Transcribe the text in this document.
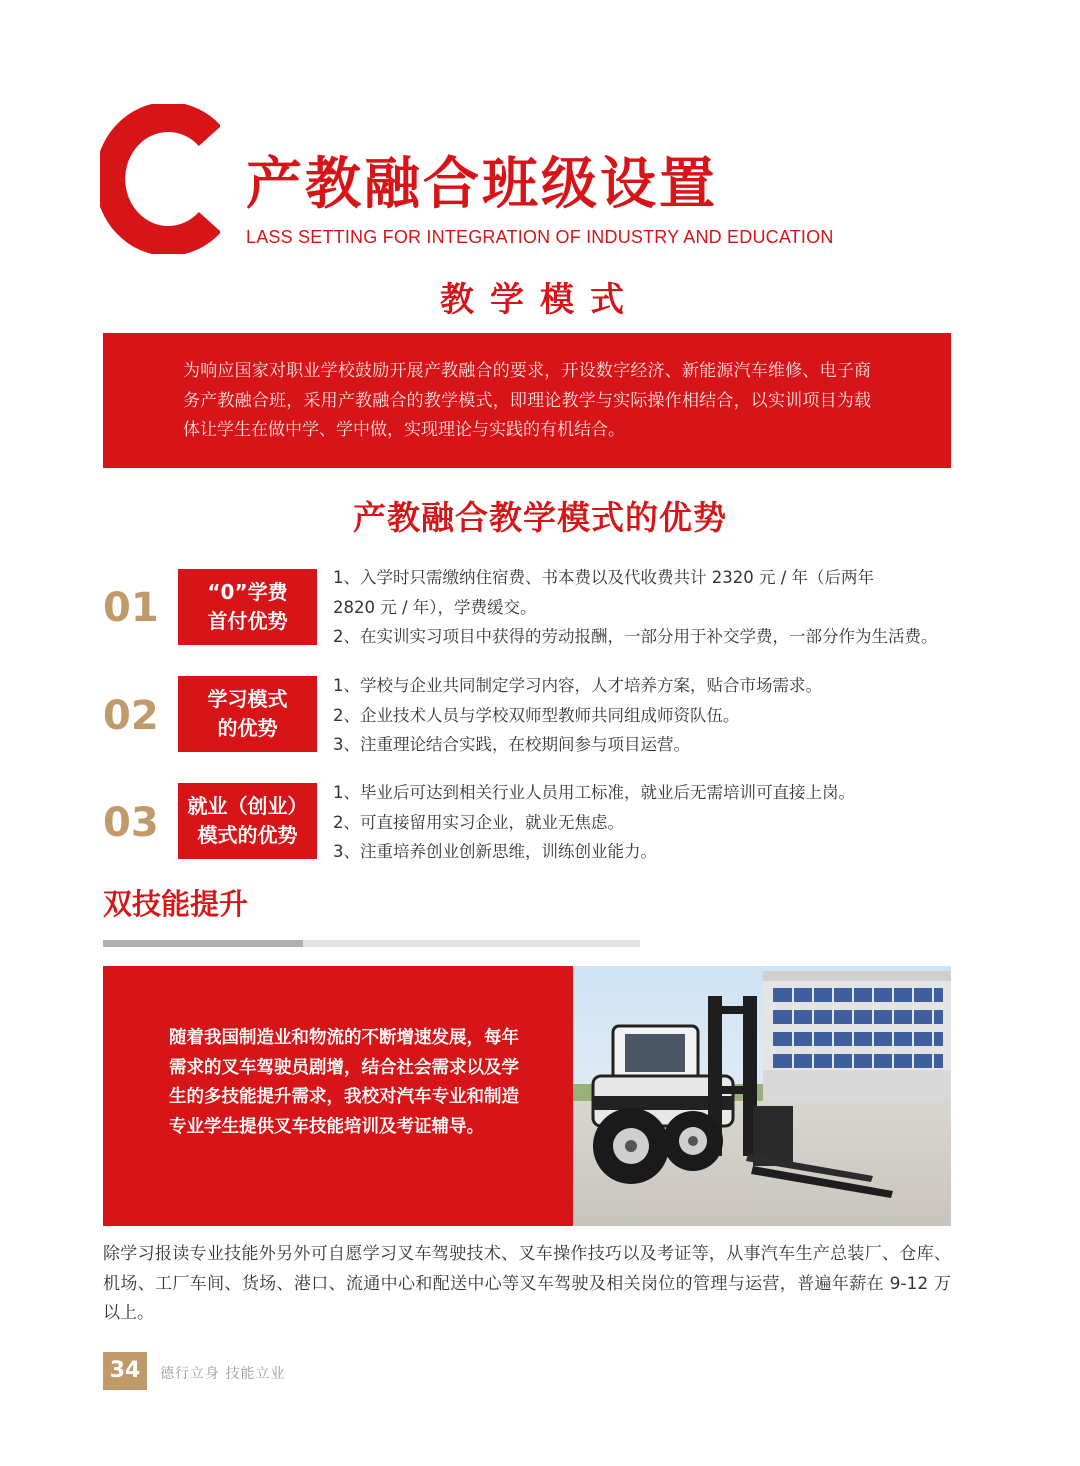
产教融合班级设置
LASS SETTING FOR INTEGRATION OF INDUSTRY AND EDUCATION
教学模式
为响应国家对职业学校鼓励开展产教融合的要求，开设数字经济、新能源汽车维修、电子商务产教融合班，采用产教融合的教学模式，即理论教学与实际操作相结合，以实训项目为载体让学生在做中学、学中做，实现理论与实践的有机结合。
产教融合教学模式的优势
01	“0”学费
首付优势
1、入学时只需缴纳住宿费、书本费以及代收费共计 2320 元 / 年（后两年
2820 元 / 年），学费缓交。
2、在实训实习项目中获得的劳动报酬，一部分用于补交学费，一部分作为生活费。
02	学习模式
的优势
1、学校与企业共同制定学习内容，人才培养方案，贴合市场需求。
2、企业技术人员与学校双师型教师共同组成师资队伍。
3、注重理论结合实践，在校期间参与项目运营。
03	就业（创业）
模式的优势
1、毕业后可达到相关行业人员用工标准，就业后无需培训可直接上岗。
2、可直接留用实习企业，就业无焦虑。
3、注重培养创业创新思维，训练创业能力。
双技能提升
随着我国制造业和物流的不断增速发展，每年需求的叉车驾驶员剧增，结合社会需求以及学生的多技能提升需求，我校对汽车专业和制造专业学生提供叉车技能培训及考证辅导。
除学习报读专业技能外另外可自愿学习叉车驾驶技术、叉车操作技巧以及考证等，从事汽车生产总装厂、仓库、机场、工厂车间、货场、港口、流通中心和配送中心等叉车驾驶及相关岗位的管理与运营，普遍年薪在 9-12 万以上。
34	德行立身 技能立业
